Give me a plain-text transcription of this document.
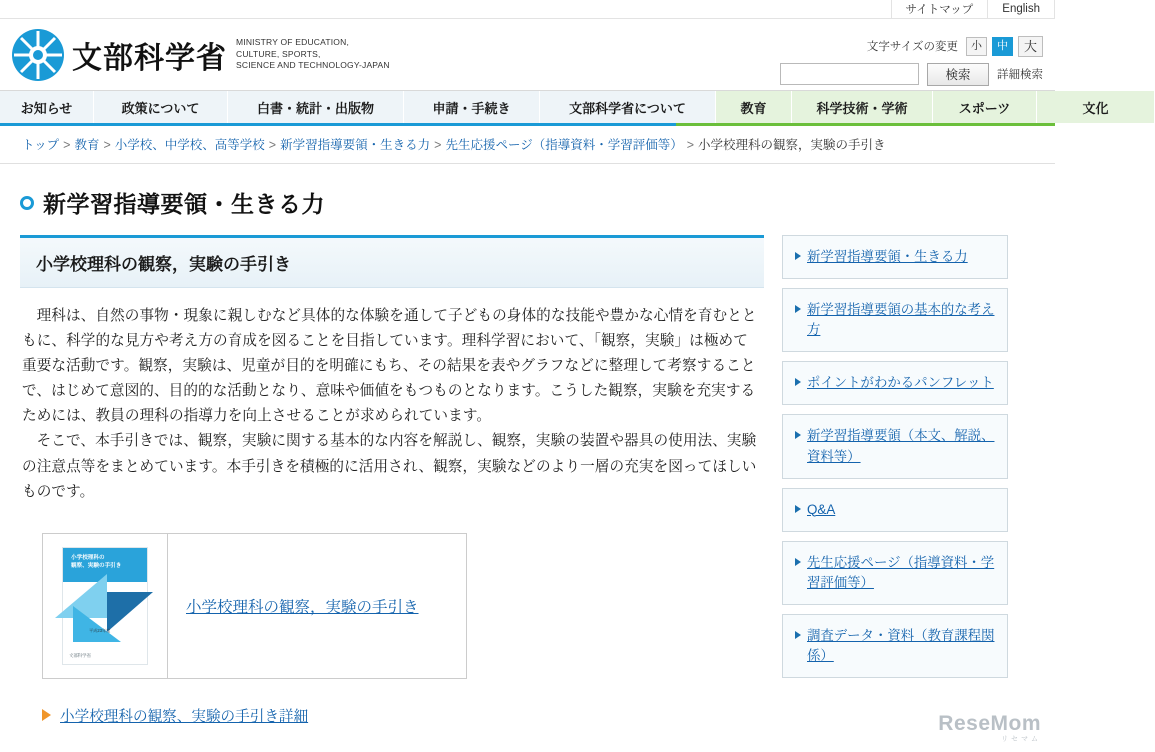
サイトマップ	English
文部科学省 MINISTRY OF EDUCATION,
CULTURE, SPORTS,
SCIENCE AND TECHNOLOGY-JAPAN
文字サイズの変更	小	中	大
検索	詳細検索
お知らせ	政策について	白書・統計・出版物	申請・手続き	文部科学省について	教育	科学技術・学術	スポーツ	文化
トップ > 教育 > 小学校、中学校、高等学校 > 新学習指導要領・生きる力 > 先生応援ページ（指導資料・学習評価等） > 小学校理科の観察，実験の手引き
新学習指導要領・生きる力
小学校理科の観察，実験の手引き

理科は、自然の事物・現象に親しむなど具体的な体験を通して子どもの身体的な技能や豊かな心情を育むとともに、科学的な見方や考え方の育成を図ることを目指しています。理科学習において、「観察，実験」は極めて重要な活動です。観察，実験は、児童が目的を明確にもち、その結果を表やグラフなどに整理して考察することで、はじめて意図的、目的的な活動となり、意味や価値をもつものとなります。こうした観察，実験を充実するためには、教員の理科の指導力を向上させることが求められています。

そこで、本手引きでは、観察，実験に関する基本的な内容を解説し、観察，実験の装置や器具の使用法、実験の注意点等をまとめています。本手引きを積極的に活用され、観察，実験などのより一層の充実を図ってほしいものです。

小学校理科の
観察、実験の手引き
平成23年度
文部科学省
小学校理科の観察，実験の手引き
小学校理科の観察、実験の手引き詳細
新学習指導要領・生きる力
新学習指導要領の基本的な考え方
ポイントがわかるパンフレット
新学習指導要領（本文、解説、資料等）
Q&A
先生応援ページ（指導資料・学習評価等）
調査データ・資料（教育課程関係）
ReseMom
リセマム
